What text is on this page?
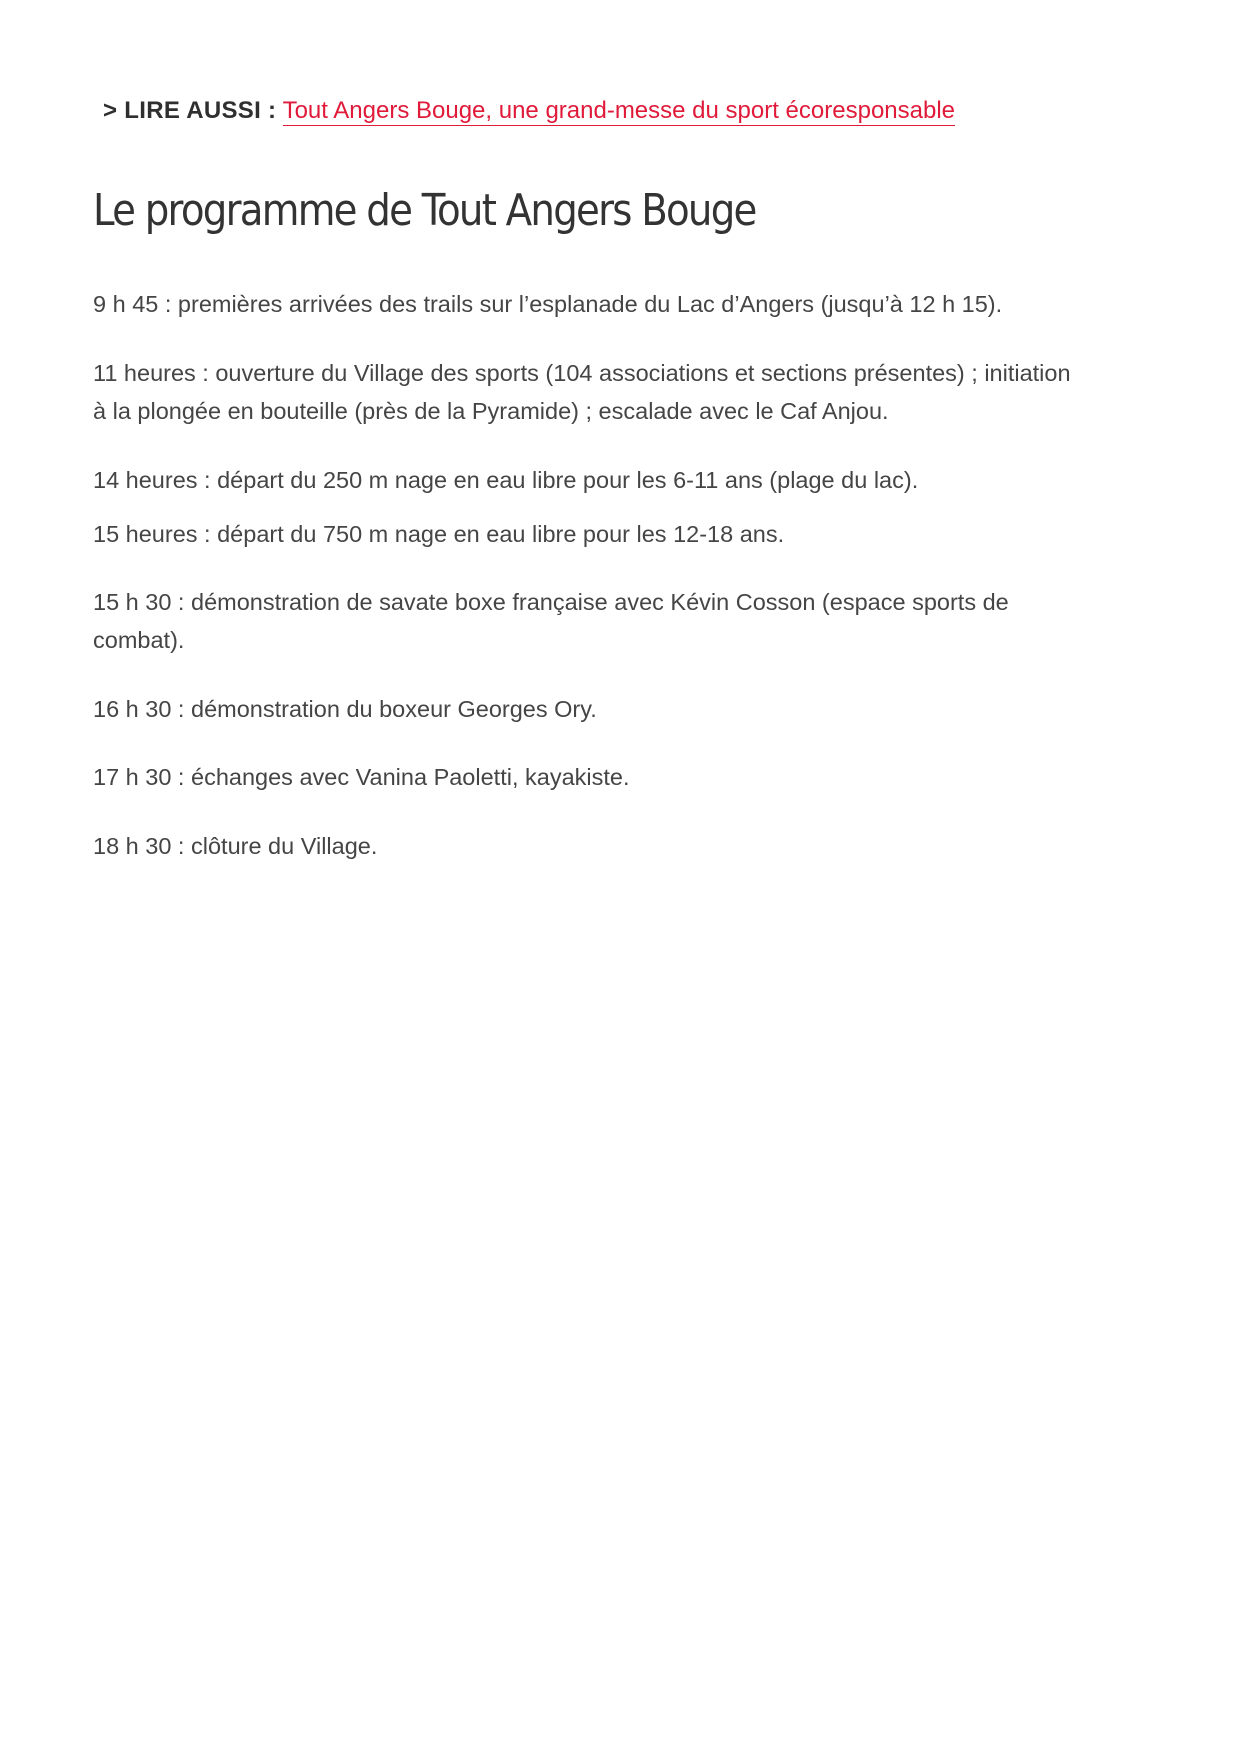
> LIRE AUSSI : Tout Angers Bouge, une grand-messe du sport écoresponsable
Le programme de Tout Angers Bouge

9 h 45 : premières arrivées des trails sur l’esplanade du Lac d’Angers (jusqu’à 12 h 15).

11 heures : ouverture du Village des sports (104 associations et sections présentes) ; initiation à la plongée en bouteille (près de la Pyramide) ; escalade avec le Caf Anjou.

14 heures : départ du 250 m nage en eau libre pour les 6-11 ans (plage du lac).

15 heures : départ du 750 m nage en eau libre pour les 12-18 ans.

15 h 30 : démonstration de savate boxe française avec Kévin Cosson (espace sports de combat).

16 h 30 : démonstration du boxeur Georges Ory.

17 h 30 : échanges avec Vanina Paoletti, kayakiste.

18 h 30 : clôture du Village.
